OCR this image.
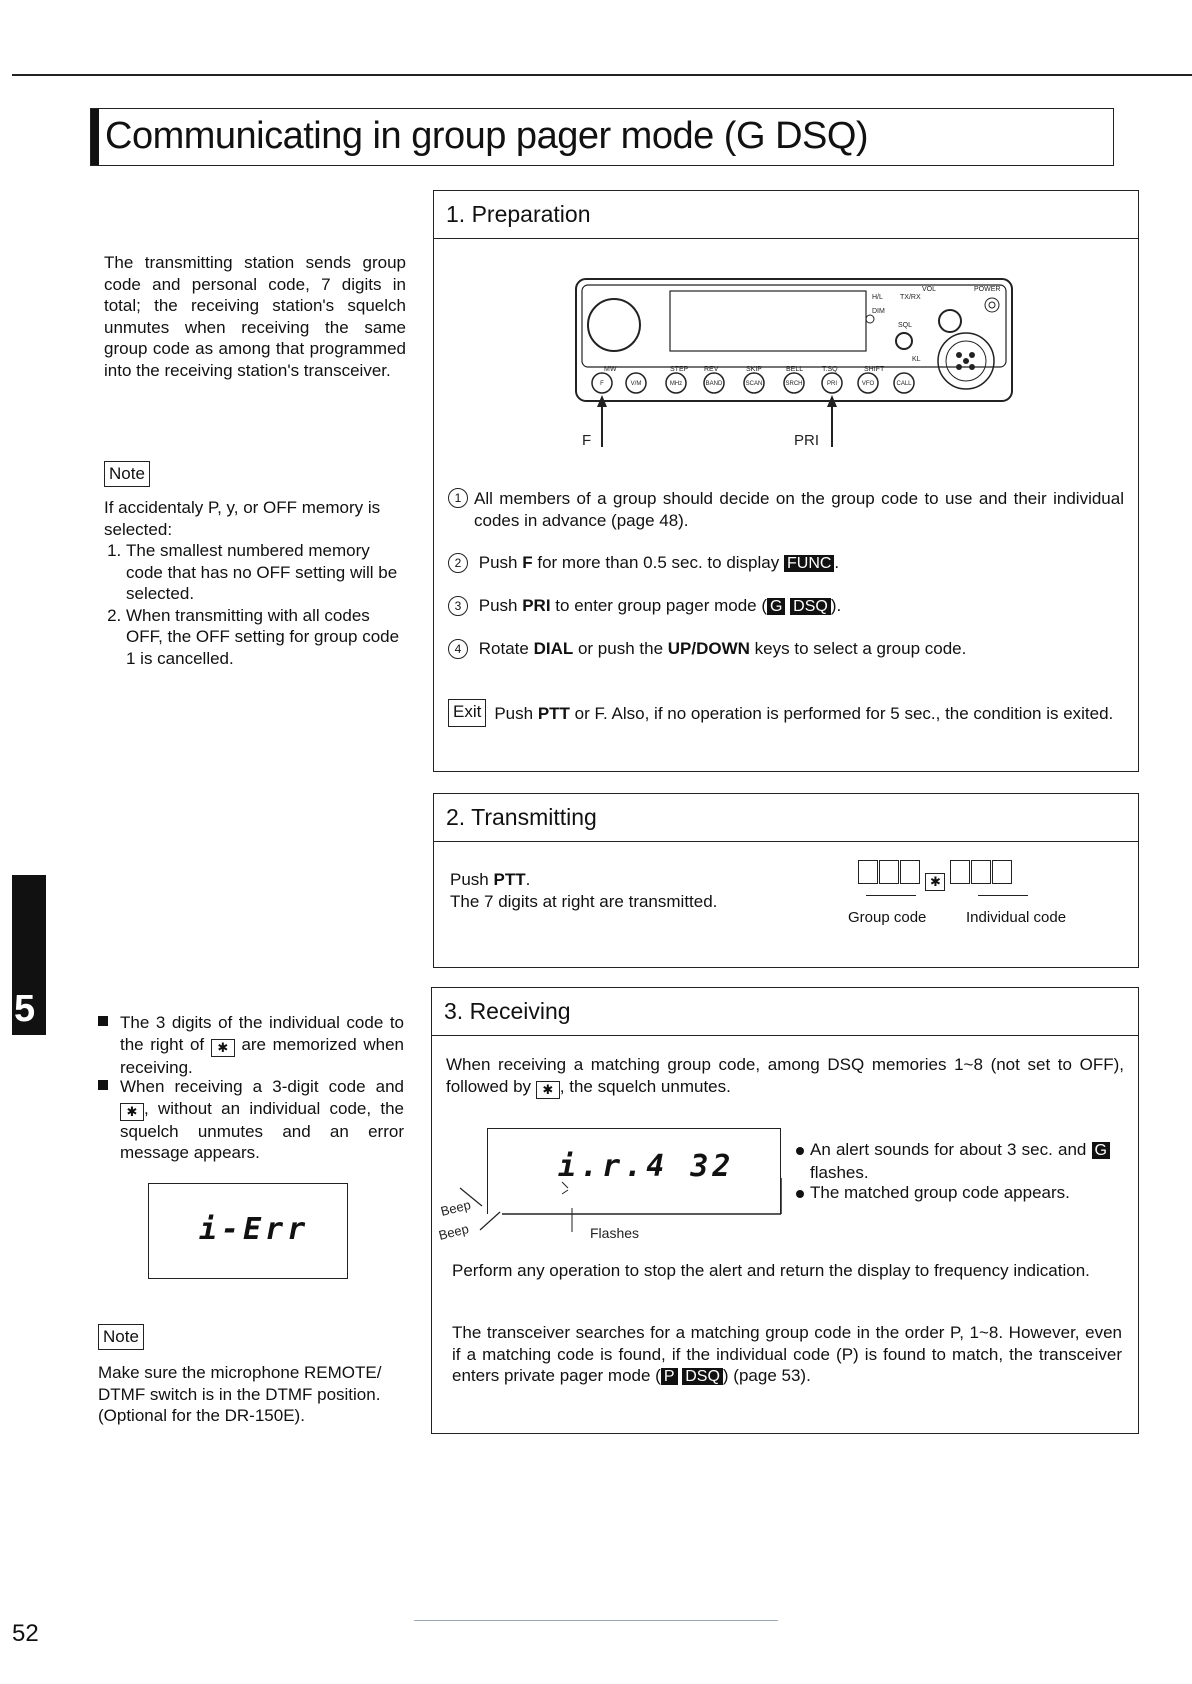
Communicating in group pager mode (G DSQ)
The transmitting station sends group code and personal code, 7 digits in total; the receiving station's squelch unmutes when receiving the same group code as among that programmed into the receiving station's transceiver.
Note
If accidentaly P, y, or OFF memory is selected:
1. The smallest numbered memory code that has no OFF setting will be selected.
2. When transmitting with all codes OFF, the OFF setting for group code 1 is cancelled.
5	The 3 digits of the individual code to the right of ✱ are memorized when receiving.
When receiving a 3-digit code and ✱ , without an individual code, the squelch unmutes and an error message appears.
i-Err
Note
Make sure the microphone REMOTE/ DTMF switch is in the DTMF position. (Optional for the DR-150E).
52
1. Preparation
H/L TX/RX
VOL	POWER
DIM
SQL
MW	STEP REV	SKIP	BELL	T.SQ	SHIFT
KL
F	V/M	MHz	BAND	SCAN	SRCH	PRI	VFO	CALL
F	PRI
1 All members of a group should decide on the group code to use and their individual codes in advance (page 48).
2 Push F for more than 0.5 sec. to display FUNC .
3 Push PRI to enter group pager mode ( G DSQ ).
4 Rotate DIAL or push the UP/DOWN keys to select a group code.
Exit Push PTT or F. Also, if no operation is performed for 5 sec., the condition is exited.
2. Transmitting
Push PTT.
The 7 digits at right are transmitted.
✱
Group code	Individual code
3. Receiving
When receiving a matching group code, among DSQ memories 1~8 (not set to OFF), followed by ✱ , the squelch unmutes.
i.r.4 32
Beep
Beep	Flashes
An alert sounds for about 3 sec. and G flashes.
The matched group code appears.
Perform any operation to stop the alert and return the display to frequency indication.
The transceiver searches for a matching group code in the order P, 1~8. However, even if a matching code is found, if the individual code (P) is found to match, the transceiver enters private pager mode ( P DSQ ) (page 53).
